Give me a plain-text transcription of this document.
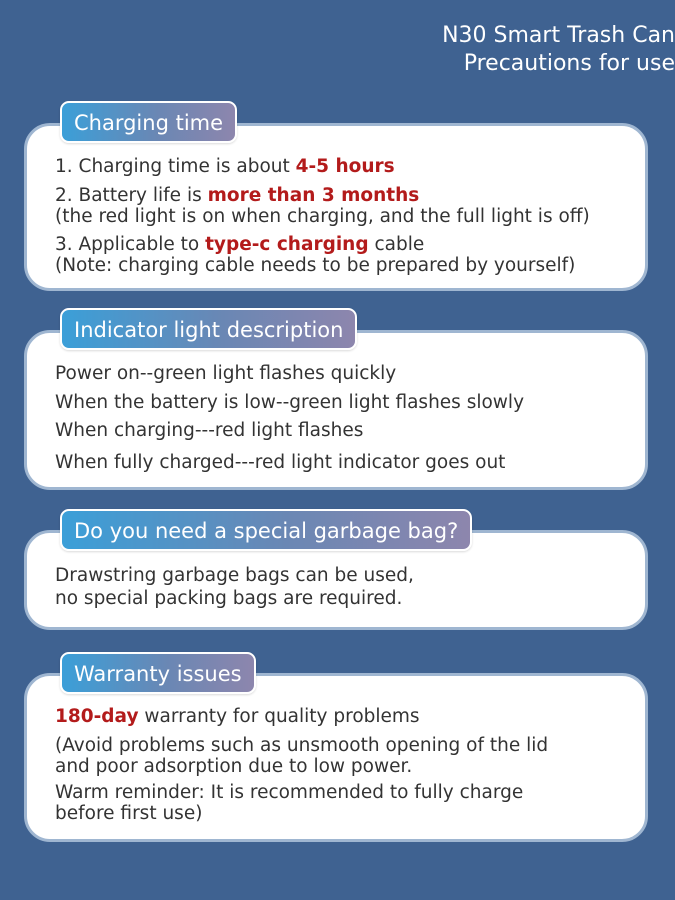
N30 Smart Trash Can
Precautions for use
1. Charging time is about 4-5 hours
2. Battery life is more than 3 months
(the red light is on when charging, and the full light is off)
3. Applicable to type-c charging cable
(Note: charging cable needs to be prepared by yourself)
Charging time
Power on--green light flashes quickly
When the battery is low--green light flashes slowly
When charging---red light flashes
When fully charged---red light indicator goes out
Indicator light description
Drawstring garbage bags can be used,
no special packing bags are required.
Do you need a special garbage bag?
180-day warranty for quality problems
(Avoid problems such as unsmooth opening of the lid
and poor adsorption due to low power.
Warm reminder: It is recommended to fully charge
before first use)
Warranty issues
